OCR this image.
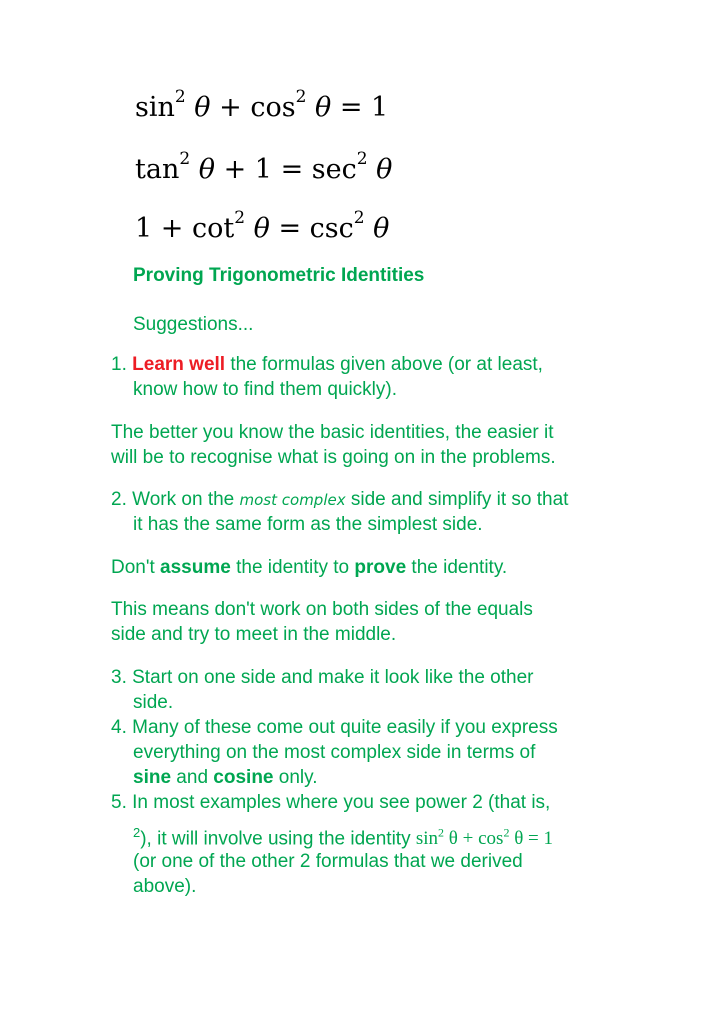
$\sin^2 \theta + \cos^2 \theta = 1$
$\tan^2 \theta + 1 = \sec^2 \theta$
$1 + \cot^2 \theta = \csc^2 \theta$
Proving Trigonometric Identities
Suggestions...
1. Learn well the formulas given above (or at least,
know how to find them quickly).
The better you know the basic identities, the easier it
will be to recognise what is going on in the problems.
2. Work on the most complex side and simplify it so that
it has the same form as the simplest side.
Don't assume the identity to prove the identity.
This means don't work on both sides of the equals
side and try to meet in the middle.
3. Start on one side and make it look like the other
side.
4. Many of these come out quite easily if you express
everything on the most complex side in terms of
sine and cosine only.
5. In most examples where you see power 2 (that is,
$^2$), it will involve using the identity $\sin^2 \theta + \cos^2 \theta = 1$
(or one of the other 2 formulas that we derived
above).
